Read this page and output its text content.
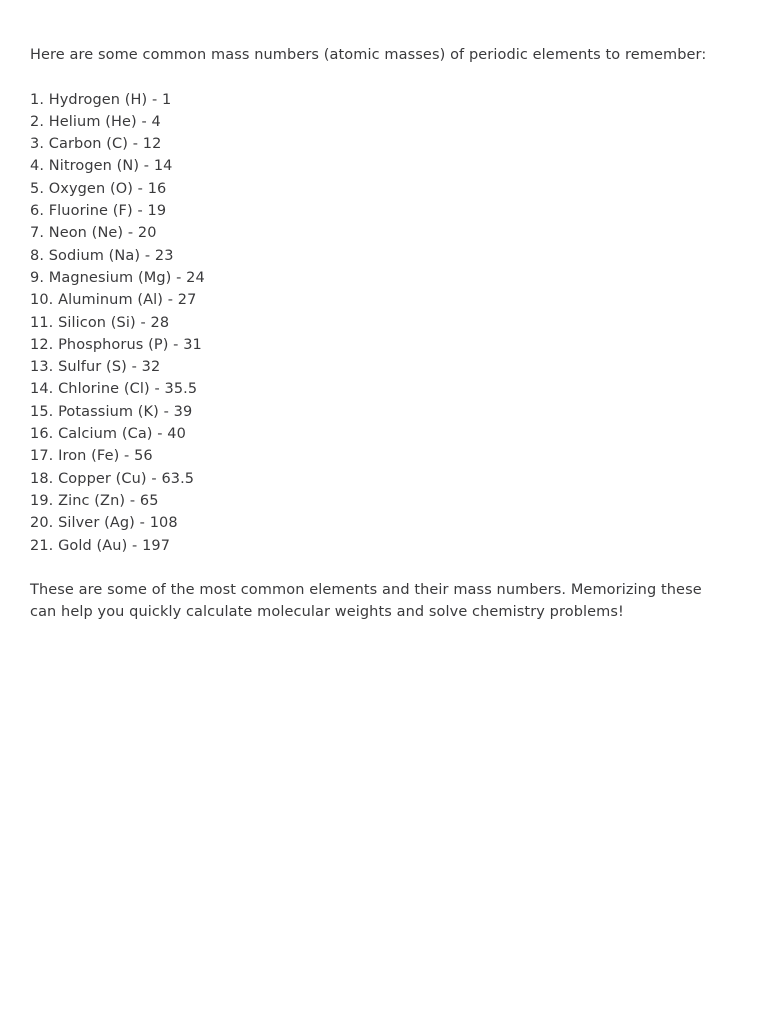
Here are some common mass numbers (atomic masses) of periodic elements to remember:

1. Hydrogen (H) - 1
2. Helium (He) - 4
3. Carbon (C) - 12
4. Nitrogen (N) - 14
5. Oxygen (O) - 16
6. Fluorine (F) - 19
7. Neon (Ne) - 20
8. Sodium (Na) - 23
9. Magnesium (Mg) - 24
10. Aluminum (Al) - 27
11. Silicon (Si) - 28
12. Phosphorus (P) - 31
13. Sulfur (S) - 32
14. Chlorine (Cl) - 35.5
15. Potassium (K) - 39
16. Calcium (Ca) - 40
17. Iron (Fe) - 56
18. Copper (Cu) - 63.5
19. Zinc (Zn) - 65
20. Silver (Ag) - 108
21. Gold (Au) - 197

These are some of the most common elements and their mass numbers. Memorizing these can help you quickly calculate molecular weights and solve chemistry problems!
